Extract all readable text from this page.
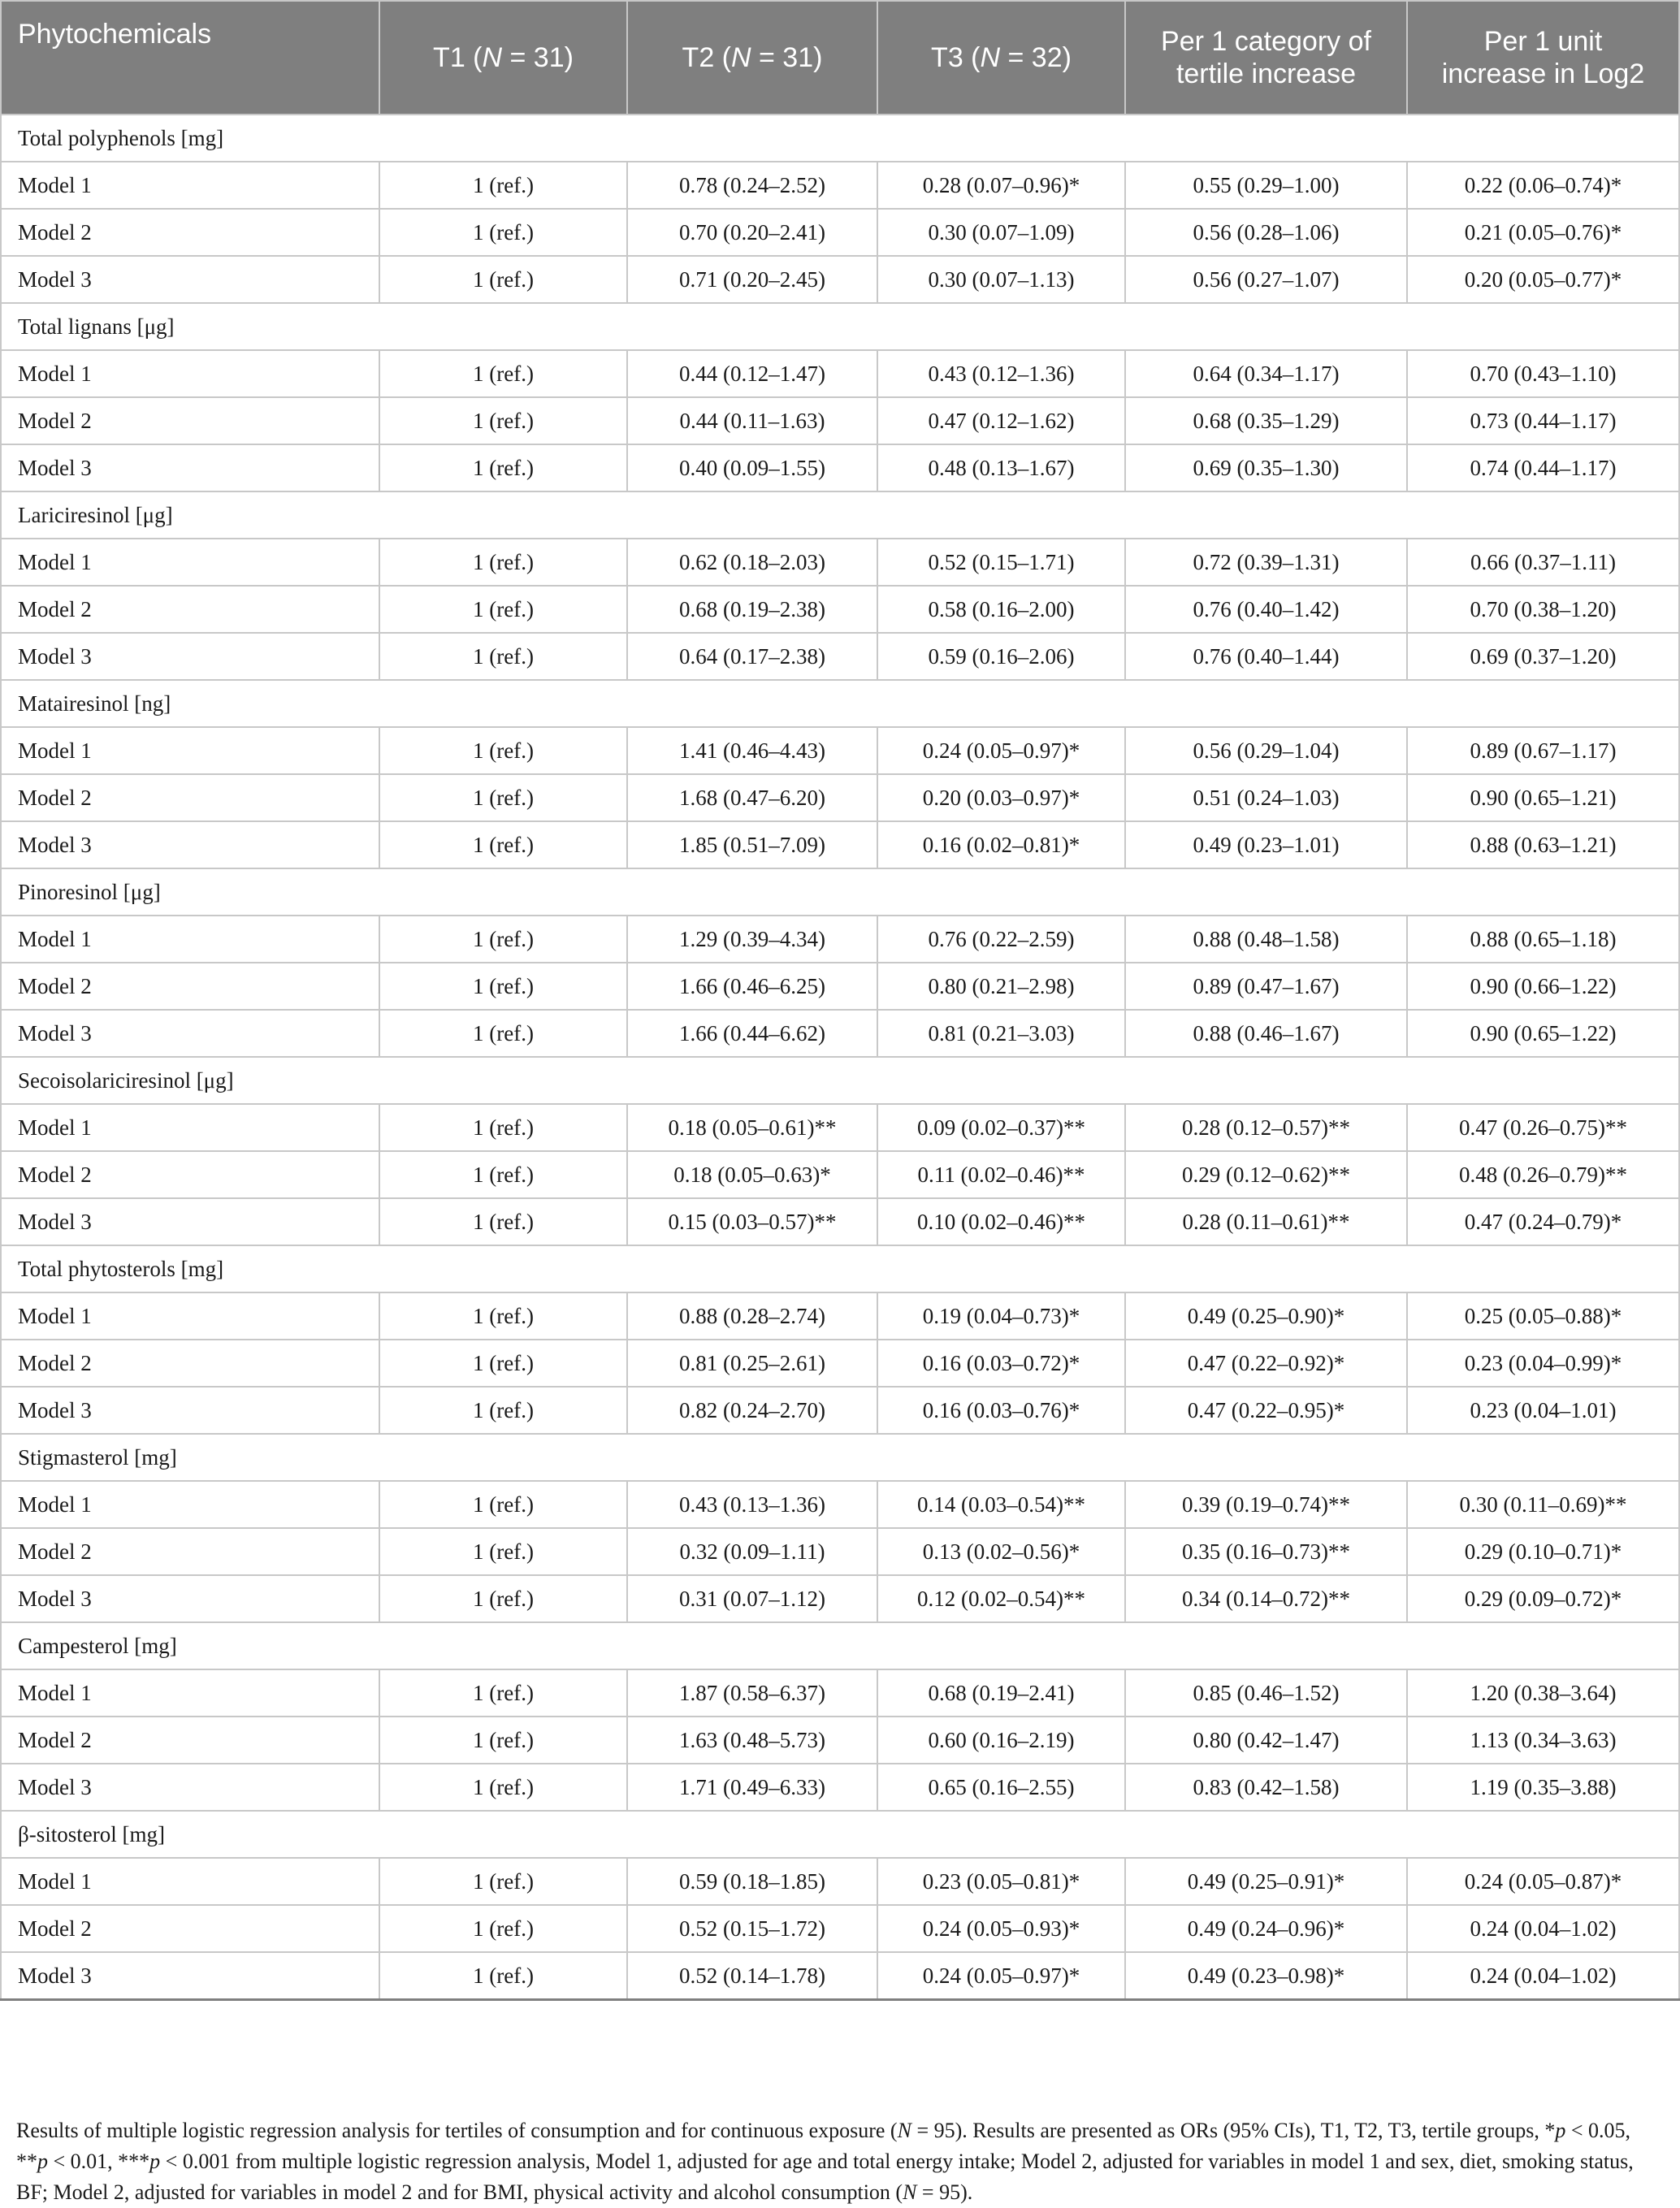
Phytochemicals	T1 (N = 31)	T2 (N = 31)	T3 (N = 32)	Per 1 category of
tertile increase	Per 1 unit
increase in Log2
Total polyphenols [mg]					
Model 1	1 (ref.)	0.78 (0.24–2.52)	0.28 (0.07–0.96)*	0.55 (0.29–1.00)	0.22 (0.06–0.74)*
Model 2	1 (ref.)	0.70 (0.20–2.41)	0.30 (0.07–1.09)	0.56 (0.28–1.06)	0.21 (0.05–0.76)*
Model 3	1 (ref.)	0.71 (0.20–2.45)	0.30 (0.07–1.13)	0.56 (0.27–1.07)	0.20 (0.05–0.77)*
Total lignans [μg]					
Model 1	1 (ref.)	0.44 (0.12–1.47)	0.43 (0.12–1.36)	0.64 (0.34–1.17)	0.70 (0.43–1.10)
Model 2	1 (ref.)	0.44 (0.11–1.63)	0.47 (0.12–1.62)	0.68 (0.35–1.29)	0.73 (0.44–1.17)
Model 3	1 (ref.)	0.40 (0.09–1.55)	0.48 (0.13–1.67)	0.69 (0.35–1.30)	0.74 (0.44–1.17)
Lariciresinol [μg]					
Model 1	1 (ref.)	0.62 (0.18–2.03)	0.52 (0.15–1.71)	0.72 (0.39–1.31)	0.66 (0.37–1.11)
Model 2	1 (ref.)	0.68 (0.19–2.38)	0.58 (0.16–2.00)	0.76 (0.40–1.42)	0.70 (0.38–1.20)
Model 3	1 (ref.)	0.64 (0.17–2.38)	0.59 (0.16–2.06)	0.76 (0.40–1.44)	0.69 (0.37–1.20)
Matairesinol [ng]					
Model 1	1 (ref.)	1.41 (0.46–4.43)	0.24 (0.05–0.97)*	0.56 (0.29–1.04)	0.89 (0.67–1.17)
Model 2	1 (ref.)	1.68 (0.47–6.20)	0.20 (0.03–0.97)*	0.51 (0.24–1.03)	0.90 (0.65–1.21)
Model 3	1 (ref.)	1.85 (0.51–7.09)	0.16 (0.02–0.81)*	0.49 (0.23–1.01)	0.88 (0.63–1.21)
Pinoresinol [μg]					
Model 1	1 (ref.)	1.29 (0.39–4.34)	0.76 (0.22–2.59)	0.88 (0.48–1.58)	0.88 (0.65–1.18)
Model 2	1 (ref.)	1.66 (0.46–6.25)	0.80 (0.21–2.98)	0.89 (0.47–1.67)	0.90 (0.66–1.22)
Model 3	1 (ref.)	1.66 (0.44–6.62)	0.81 (0.21–3.03)	0.88 (0.46–1.67)	0.90 (0.65–1.22)
Secoisolariciresinol [μg]					
Model 1	1 (ref.)	0.18 (0.05–0.61)**	0.09 (0.02–0.37)**	0.28 (0.12–0.57)**	0.47 (0.26–0.75)**
Model 2	1 (ref.)	0.18 (0.05–0.63)*	0.11 (0.02–0.46)**	0.29 (0.12–0.62)**	0.48 (0.26–0.79)**
Model 3	1 (ref.)	0.15 (0.03–0.57)**	0.10 (0.02–0.46)**	0.28 (0.11–0.61)**	0.47 (0.24–0.79)*
Total phytosterols [mg]					
Model 1	1 (ref.)	0.88 (0.28–2.74)	0.19 (0.04–0.73)*	0.49 (0.25–0.90)*	0.25 (0.05–0.88)*
Model 2	1 (ref.)	0.81 (0.25–2.61)	0.16 (0.03–0.72)*	0.47 (0.22–0.92)*	0.23 (0.04–0.99)*
Model 3	1 (ref.)	0.82 (0.24–2.70)	0.16 (0.03–0.76)*	0.47 (0.22–0.95)*	0.23 (0.04–1.01)
Stigmasterol [mg]					
Model 1	1 (ref.)	0.43 (0.13–1.36)	0.14 (0.03–0.54)**	0.39 (0.19–0.74)**	0.30 (0.11–0.69)**
Model 2	1 (ref.)	0.32 (0.09–1.11)	0.13 (0.02–0.56)*	0.35 (0.16–0.73)**	0.29 (0.10–0.71)*
Model 3	1 (ref.)	0.31 (0.07–1.12)	0.12 (0.02–0.54)**	0.34 (0.14–0.72)**	0.29 (0.09–0.72)*
Campesterol [mg]					
Model 1	1 (ref.)	1.87 (0.58–6.37)	0.68 (0.19–2.41)	0.85 (0.46–1.52)	1.20 (0.38–3.64)
Model 2	1 (ref.)	1.63 (0.48–5.73)	0.60 (0.16–2.19)	0.80 (0.42–1.47)	1.13 (0.34–3.63)
Model 3	1 (ref.)	1.71 (0.49–6.33)	0.65 (0.16–2.55)	0.83 (0.42–1.58)	1.19 (0.35–3.88)
β-sitosterol [mg]					
Model 1	1 (ref.)	0.59 (0.18–1.85)	0.23 (0.05–0.81)*	0.49 (0.25–0.91)*	0.24 (0.05–0.87)*
Model 2	1 (ref.)	0.52 (0.15–1.72)	0.24 (0.05–0.93)*	0.49 (0.24–0.96)*	0.24 (0.04–1.02)
Model 3	1 (ref.)	0.52 (0.14–1.78)	0.24 (0.05–0.97)*	0.49 (0.23–0.98)*	0.24 (0.04–1.02)

Results of multiple logistic regression analysis for tertiles of consumption and for continuous exposure (N = 95). Results are presented as ORs (95% CIs), T1, T2, T3, tertile groups, *p < 0.05, **p < 0.01, ***p < 0.001 from multiple logistic regression analysis, Model 1, adjusted for age and total energy intake; Model 2, adjusted for variables in model 1 and sex, diet, smoking status, BF; Model 2, adjusted for variables in model 2 and for BMI, physical activity and alcohol consumption (N = 95).
